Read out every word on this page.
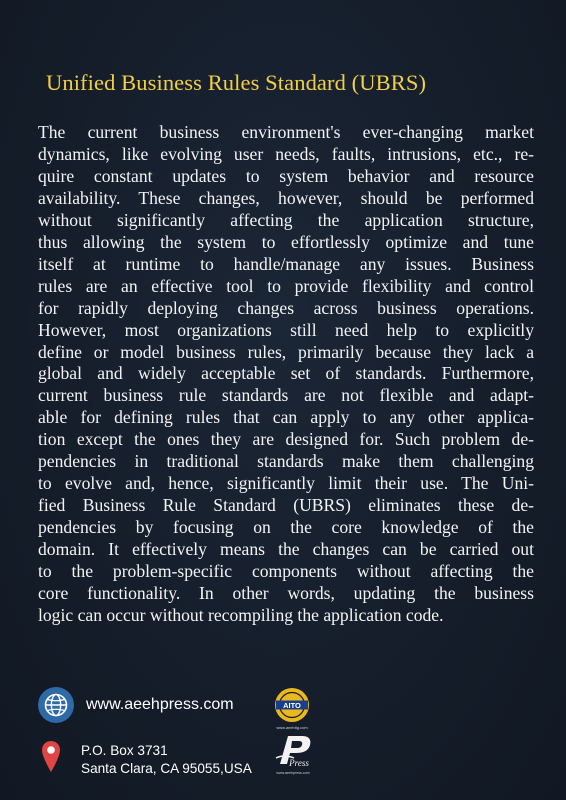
Unified Business Rules Standard (UBRS)
The current business environment's ever-changing market
dynamics, like evolving user needs, faults, intrusions, etc., re-
quire constant updates to system behavior and resource
availability. These changes, however, should be performed
without significantly affecting the application structure,
thus allowing the system to effortlessly optimize and tune
itself at runtime to handle/manage any issues. Business
rules are an effective tool to provide flexibility and control
for rapidly deploying changes across business operations.
However, most organizations still need help to explicitly
define or model business rules, primarily because they lack a
global and widely acceptable set of standards. Furthermore,
current business rule standards are not flexible and adapt-
able for defining rules that can apply to any other applica-
tion except the ones they are designed for. Such problem de-
pendencies in traditional standards make them challenging
to evolve and, hence, significantly limit their use. The Uni-
fied Business Rule Standard (UBRS) eliminates these de-
pendencies by focusing on the core knowledge of the
domain. It effectively means the changes can be carried out
to the problem-specific components without affecting the
core functionality. In other words, updating the business
logic can occur without recompiling the application code.
www.aeehpress.com
P.O. Box 3731
Santa Clara, CA 95055,USA
AITO
www.aeehitg.com
Press
www.aeehpress.com
